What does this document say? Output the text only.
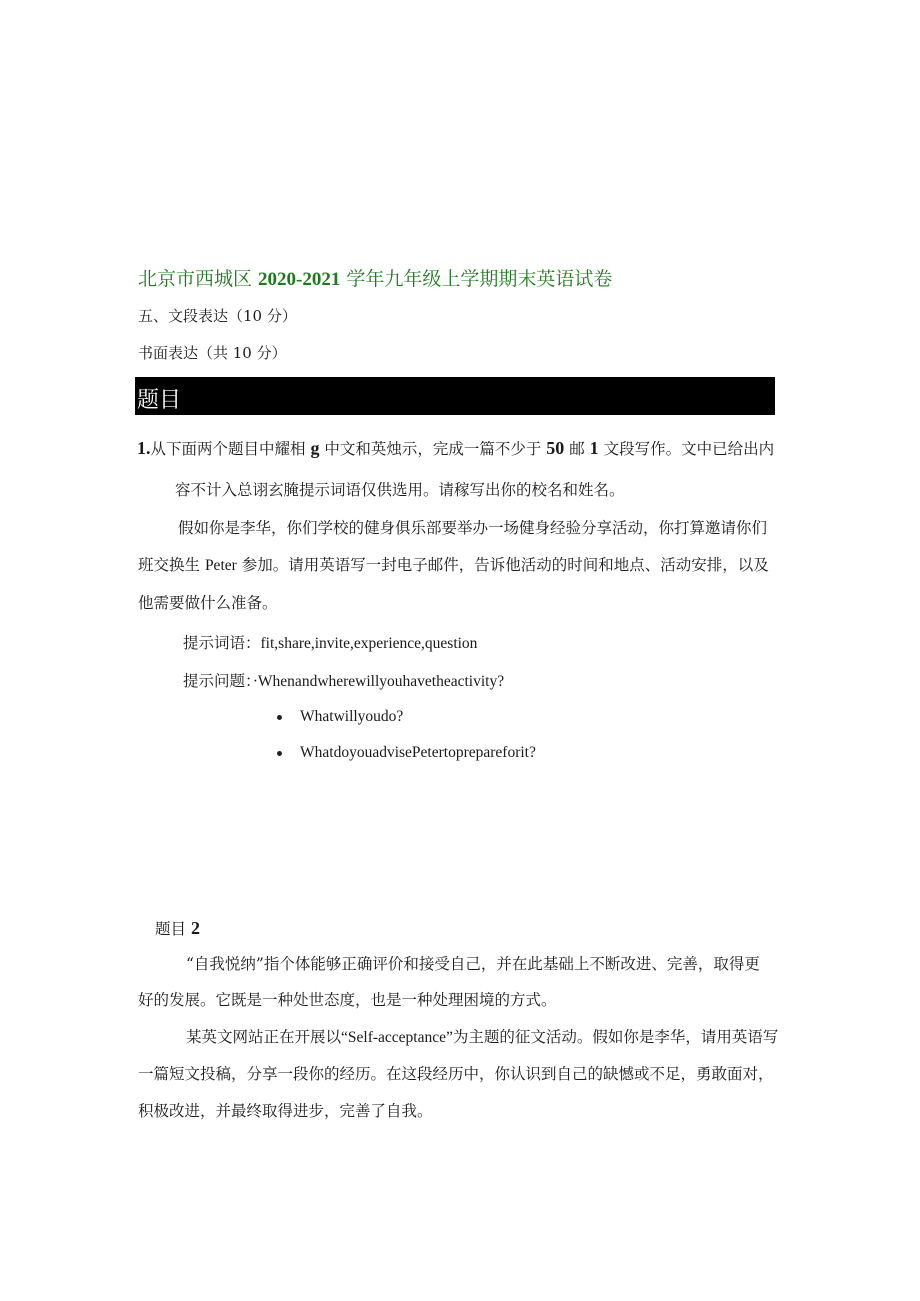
北京市西城区 2020-2021 学年九年级上学期期末英语试卷
五、文段表达（10 分）
书面表达（共 10 分）
题目
1.从下面两个题目中耀相 g 中文和英烛示，完成一篇不少于 50 邮 1 文段写作。文中已给出内
容不计入总诩玄腌提示词语仅供选用。请稼写出你的校名和姓名。
假如你是李华，你们学校的健身俱乐部要举办一场健身经验分享活动，你打算邀请你们
班交换生 Peter 参加。请用英语写一封电子邮件，告诉他活动的时间和地点、活动安排，以及
他需要做什么准备。
提示词语：fit,share,invite,experience,question
提示问题：·Whenandwherewillyouhavetheactivity?
Whatwillyoudo?
WhatdoyouadvisePetertoprepareforit?
题目 2
“自我悦纳”指个体能够正确评价和接受自己，并在此基础上不断改进、完善，取得更
好的发展。它既是一种处世态度，也是一种处理困境的方式。
某英文网站正在开展以“Self-acceptance”为主题的征文活动。假如你是李华，请用英语写
一篇短文投稿，分享一段你的经历。在这段经历中，你认识到自己的缺憾或不足，勇敢面对，
积极改进，并最终取得进步，完善了自我。
